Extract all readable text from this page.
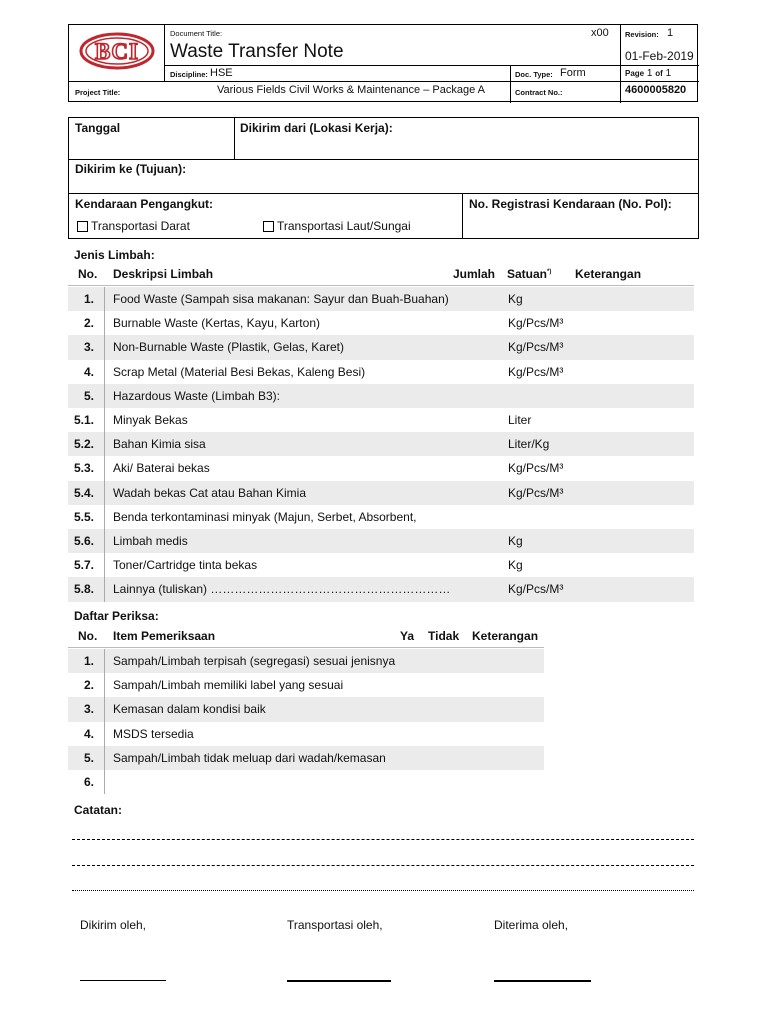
BCI
Document Title:
Waste Transfer Note
x00 Revision: 1
01-Feb-2019
Discipline: HSE	Doc. Type: Form	Page 1 of 1
Project Title:	Various Fields Civil Works & Maintenance – Package A	Contract No.:	4600005820
Tanggal	Dikirim dari (Lokasi Kerja):
Dikirim ke (Tujuan):
Kendaraan Pengangkut:
Transportasi Darat	Transportasi Laut/Sungai
No. Registrasi Kendaraan (No. Pol):
Jenis Limbah:
No. Deskripsi Limbah	Jumlah Satuan*) Keterangan
1. Food Waste (Sampah sisa makanan: Sayur dan Buah-Buahan)	Kg
2. Burnable Waste (Kertas, Kayu, Karton)	Kg/Pcs/M³
3. Non-Burnable Waste (Plastik, Gelas, Karet)	Kg/Pcs/M³
4. Scrap Metal (Material Besi Bekas, Kaleng Besi)	Kg/Pcs/M³
5. Hazardous Waste (Limbah B3):
5.1. Minyak Bekas	Liter
5.2. Bahan Kimia sisa	Liter/Kg
5.3. Aki/ Baterai bekas	Kg/Pcs/M³
5.4. Wadah bekas Cat atau Bahan Kimia	Kg/Pcs/M³
5.5. Benda terkontaminasi minyak (Majun, Serbet, Absorbent,
5.6. Limbah medis	Kg
5.7. Toner/Cartridge tinta bekas	Kg
5.8. Lainnya (tuliskan) ……………………………………………………	Kg/Pcs/M³
Daftar Periksa:
No. Item Pemeriksaan	Ya Tidak Keterangan
1. Sampah/Limbah terpisah (segregasi) sesuai jenisnya
2. Sampah/Limbah memiliki label yang sesuai
3. Kemasan dalam kondisi baik
4. MSDS tersedia
5. Sampah/Limbah tidak meluap dari wadah/kemasan
6.
Catatan:
Dikirim oleh,	Transportasi oleh,	Diterima oleh,
